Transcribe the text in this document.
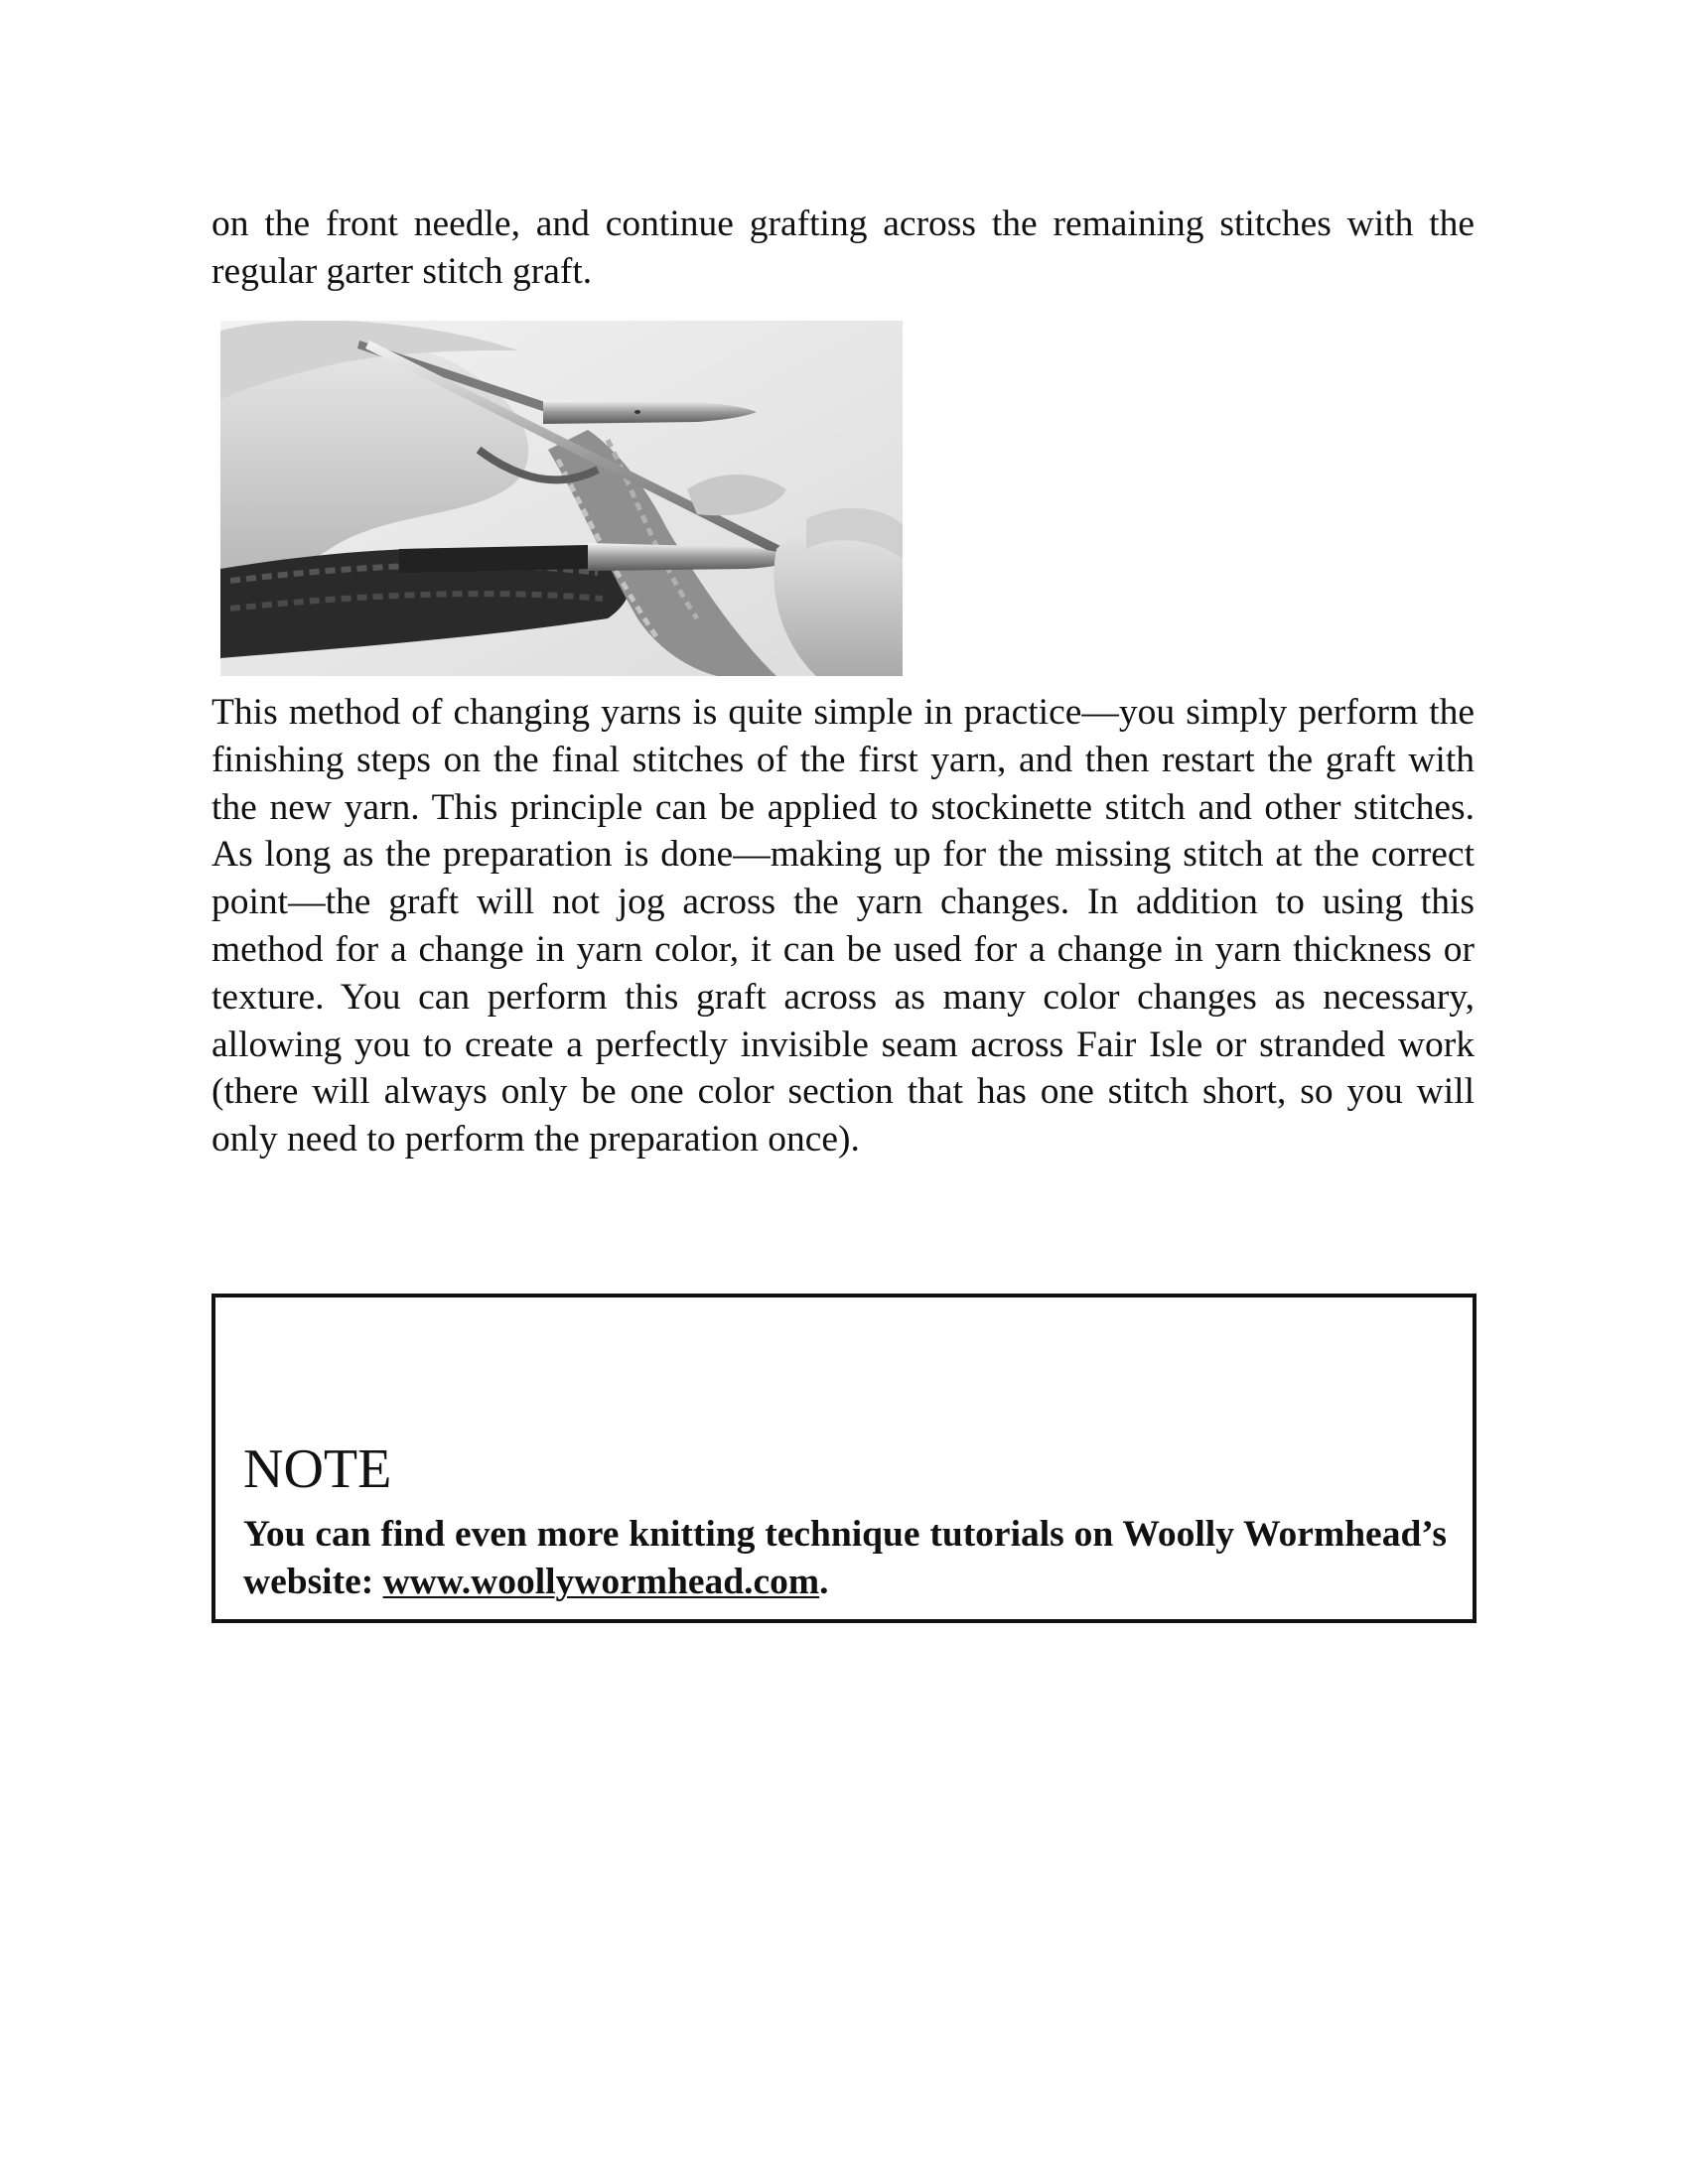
on the front needle, and continue grafting across the remaining stitches with the regular garter stitch graft.

This method of changing yarns is quite simple in practice—you simply perform the finishing steps on the final stitches of the first yarn, and then restart the graft with the new yarn. This principle can be applied to stockinette stitch and other stitches. As long as the preparation is done—making up for the missing stitch at the correct point—the graft will not jog across the yarn changes. In addition to using this method for a change in yarn color, it can be used for a change in yarn thickness or texture. You can perform this graft across as many color changes as necessary, allowing you to create a perfectly invisible seam across Fair Isle or stranded work (there will always only be one color section that has one stitch short, so you will only need to perform the preparation once).

NOTE

You can find even more knitting technique tutorials on Woolly Wormhead’s website: www.woollywormhead.com.
